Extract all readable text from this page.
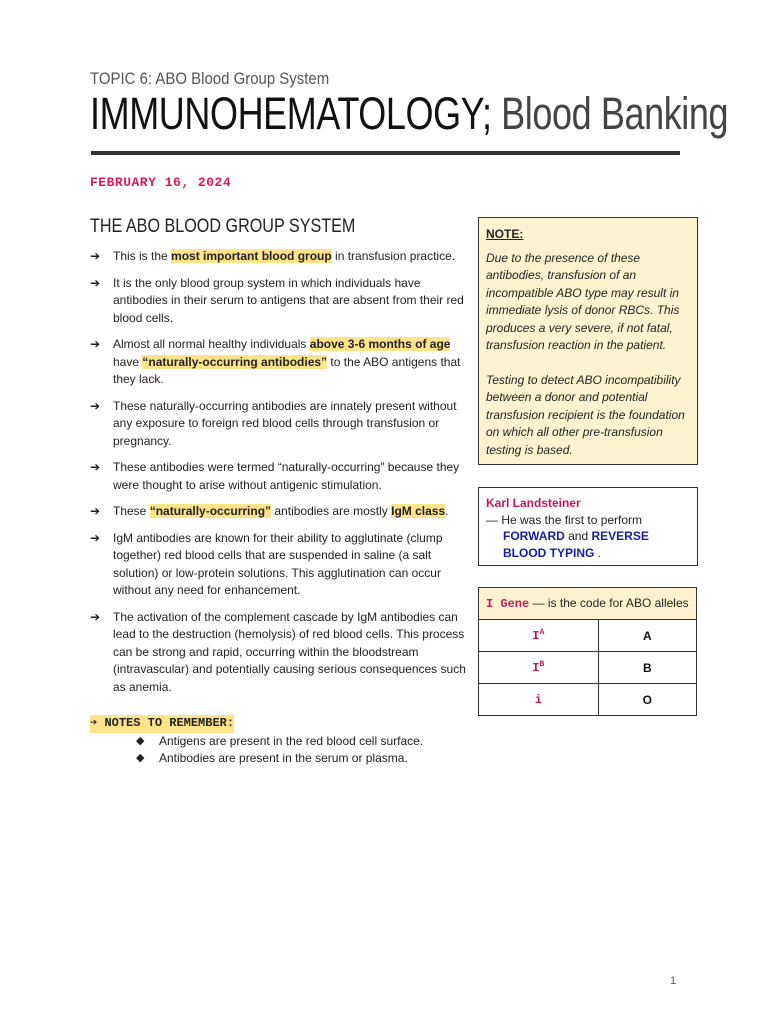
TOPIC 6: ABO Blood Group System
IMMUNOHEMATOLOGY; Blood Banking
FEBRUARY 16, 2024
THE ABO BLOOD GROUP SYSTEM
➔ This is the most important blood group in transfusion practice.
➔ It is the only blood group system in which individuals have antibodies in their serum to antigens that are absent from their red blood cells.
➔ Almost all normal healthy individuals above 3-6 months of age have “naturally-occurring antibodies” to the ABO antigens that they lack.
➔ These naturally-occurring antibodies are innately present without any exposure to foreign red blood cells through transfusion or pregnancy.
➔ These antibodies were termed “naturally-occurring” because they were thought to arise without antigenic stimulation.
➔ These “naturally-occurring” antibodies are mostly IgM class.
➔ IgM antibodies are known for their ability to agglutinate (clump together) red blood cells that are suspended in saline (a salt solution) or low-protein solutions. This agglutination can occur without any need for enhancement.
➔ The activation of the complement cascade by IgM antibodies can lead to the destruction (hemolysis) of red blood cells. This process can be strong and rapid, occurring within the bloodstream (intravascular) and potentially causing serious consequences such as anemia.
➔ NOTES TO REMEMBER:
◆ Antigens are present in the red blood cell surface.
◆ Antibodies are present in the serum or plasma.
NOTE:

Due to the presence of these antibodies, transfusion of an incompatible ABO type may result in immediate lysis of donor RBCs. This produces a very severe, if not fatal, transfusion reaction in the patient.

Testing to detect ABO incompatibility between a donor and potential transfusion recipient is the foundation on which all other pre-transfusion testing is based.

Karl Landsteiner
— He was the first to perform
FORWARD and REVERSE BLOOD TYPING .
I Gene — is the code for ABO alleles	
$I^A$	A
$I^B$	B
i	O
1
